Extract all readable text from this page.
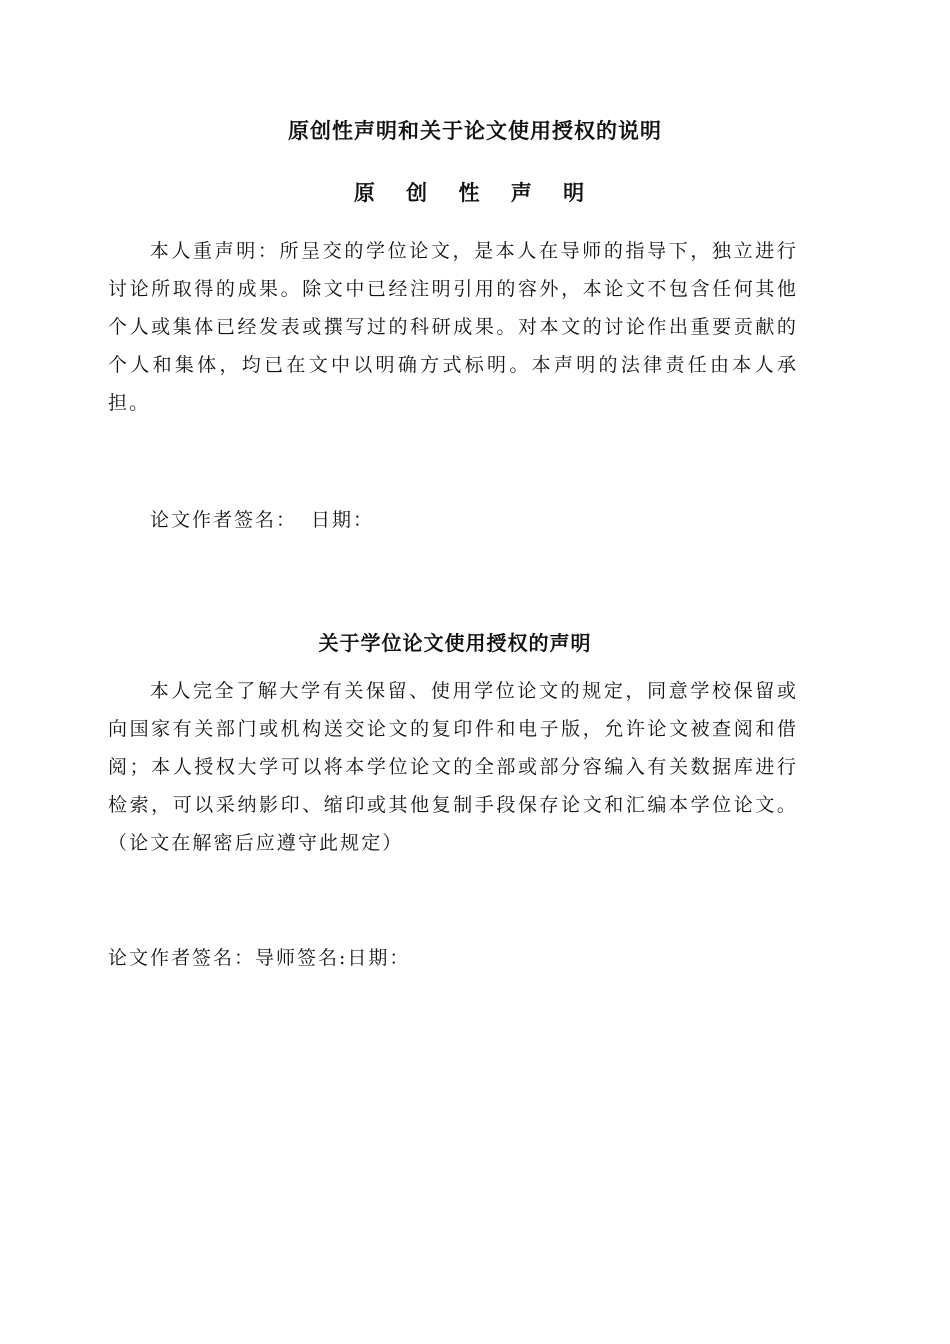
原创性声明和关于论文使用授权的说明
原 创 性 声 明
本人重声明：所呈交的学位论文，是本人在导师的指导下，独立进行讨论所取得的成果。除文中已经注明引用的容外，本论文不包含任何其他个人或集体已经发表或撰写过的科研成果。对本文的讨论作出重要贡献的个人和集体，均已在文中以明确方式标明。本声明的法律责任由本人承担。
论文作者签名： 日期：
关于学位论文使用授权的声明
本人完全了解大学有关保留、使用学位论文的规定，同意学校保留或向国家有关部门或机构送交论文的复印件和电子版，允许论文被查阅和借阅；本人授权大学可以将本学位论文的全部或部分容编入有关数据库进行检索，可以采纳影印、缩印或其他复制手段保存论文和汇编本学位论文。（论文在解密后应遵守此规定）
论文作者签名：导师签名:日期：
